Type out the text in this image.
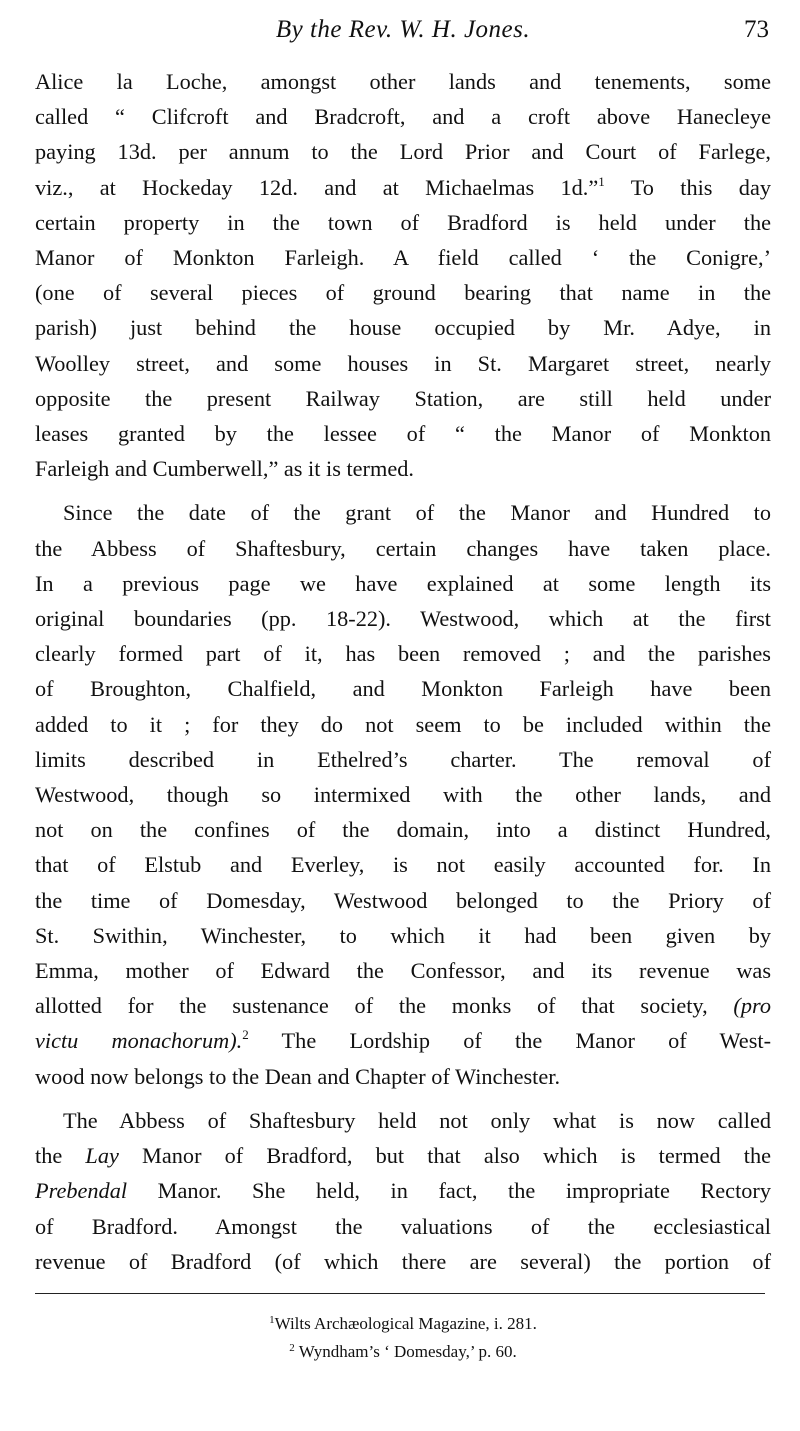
By the Rev. W. H. Jones.	73
Alice la Loche, amongst other lands and tenements, some
called “ Clifcroft and Bradcroft, and a croft above Hanecleye
paying 13d. per annum to the Lord Prior and Court of Farlege,
viz., at Hockeday 12d. and at Michaelmas 1d.”$^1$ To this day
certain property in the town of Bradford is held under the
Manor of Monkton Farleigh. A field called ‘ the Conigre,’
(one of several pieces of ground bearing that name in the
parish) just behind the house occupied by Mr. Adye, in
Woolley street, and some houses in St. Margaret street, nearly
opposite the present Railway Station, are still held under
leases granted by the lessee of “ the Manor of Monkton
Farleigh and Cumberwell,” as it is termed.
Since the date of the grant of the Manor and Hundred to
the Abbess of Shaftesbury, certain changes have taken place.
In a previous page we have explained at some length its
original boundaries (pp. 18-22). Westwood, which at the first
clearly formed part of it, has been removed ; and the parishes
of Broughton, Chalfield, and Monkton Farleigh have been
added to it ; for they do not seem to be included within the
limits described in Ethelred’s charter. The removal of
Westwood, though so intermixed with the other lands, and
not on the confines of the domain, into a distinct Hundred,
that of Elstub and Everley, is not easily accounted for. In
the time of Domesday, Westwood belonged to the Priory of
St. Swithin, Winchester, to which it had been given by
Emma, mother of Edward the Confessor, and its revenue was
allotted for the sustenance of the monks of that society, (pro
victu monachorum).$^2$ The Lordship of the Manor of West-
wood now belongs to the Dean and Chapter of Winchester.
The Abbess of Shaftesbury held not only what is now called
the Lay Manor of Bradford, but that also which is termed the
Prebendal Manor. She held, in fact, the impropriate Rectory
of Bradford. Amongst the valuations of the ecclesiastical
revenue of Bradford (of which there are several) the portion of
$^1$Wilts Archæological Magazine, i. 281.
$^2$ Wyndham’s ‘ Domesday,’ p. 60.
